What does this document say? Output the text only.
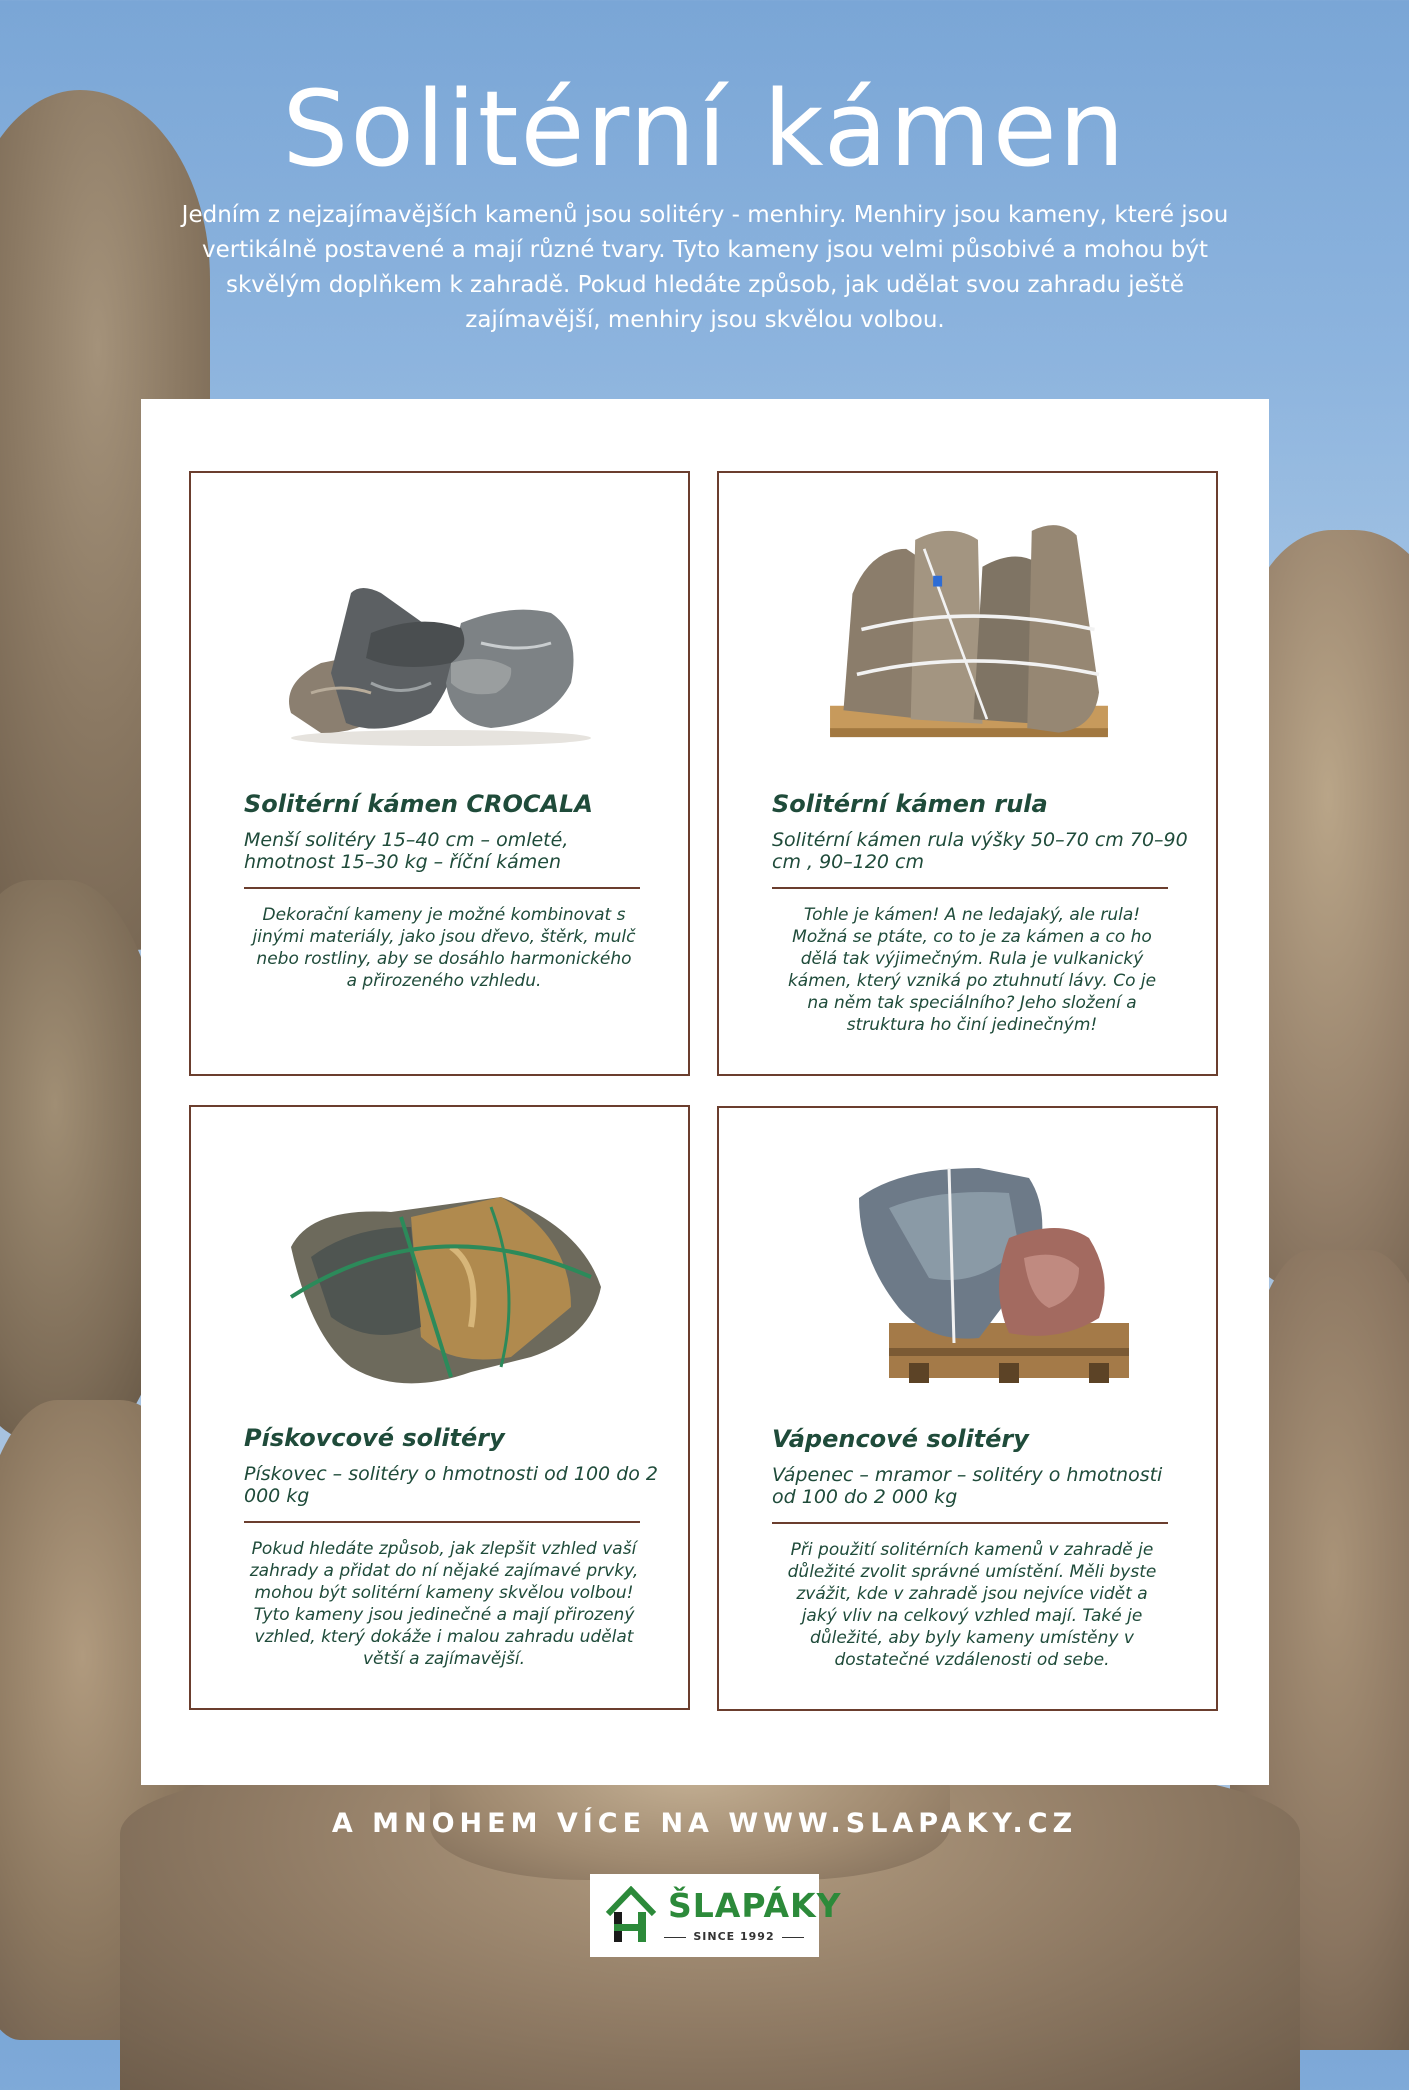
Solitérní kámen

Jedním z nejzajímavějších kamenů jsou solitéry - menhiry. Menhiry jsou kameny, které jsou vertikálně postavené a mají různé tvary. Tyto kameny jsou velmi působivé a mohou být skvělým doplňkem k zahradě. Pokud hledáte způsob, jak udělat svou zahradu ještě zajímavější, menhiry jsou skvělou volbou.

Solitérní kámen CROCALA

Menší solitéry 15–40 cm – omleté, hmotnost 15–30 kg – říční kámen

Dekorační kameny je možné kombinovat s jinými materiály, jako jsou dřevo, štěrk, mulč nebo rostliny, aby se dosáhlo harmonického a přirozeného vzhledu.

Solitérní kámen rula

Solitérní kámen rula výšky 50–70 cm 70–90 cm , 90–120 cm

Tohle je kámen! A ne ledajaký, ale rula! Možná se ptáte, co to je za kámen a co ho dělá tak výjimečným. Rula je vulkanický kámen, který vzniká po ztuhnutí lávy. Co je na něm tak speciálního? Jeho složení a struktura ho činí jedinečným!

Pískovcové solitéry

Pískovec – solitéry o hmotnosti od 100 do 2 000 kg

Pokud hledáte způsob, jak zlepšit vzhled vaší zahrady a přidat do ní nějaké zajímavé prvky, mohou být solitérní kameny skvělou volbou! Tyto kameny jsou jedinečné a mají přirozený vzhled, který dokáže i malou zahradu udělat větší a zajímavější.

Vápencové solitéry

Vápenec – mramor – solitéry o hmotnosti od 100 do 2 000 kg

Při použití solitérních kamenů v zahradě je důležité zvolit správné umístění. Měli byste zvážit, kde v zahradě jsou nejvíce vidět a jaký vliv na celkový vzhled mají. Také je důležité, aby byly kameny umístěny v dostatečné vzdálenosti od sebe.

A MNOHEM VÍCE NA WWW.SLAPAKY.CZ
ŠLAPÁKY
SINCE 1992
